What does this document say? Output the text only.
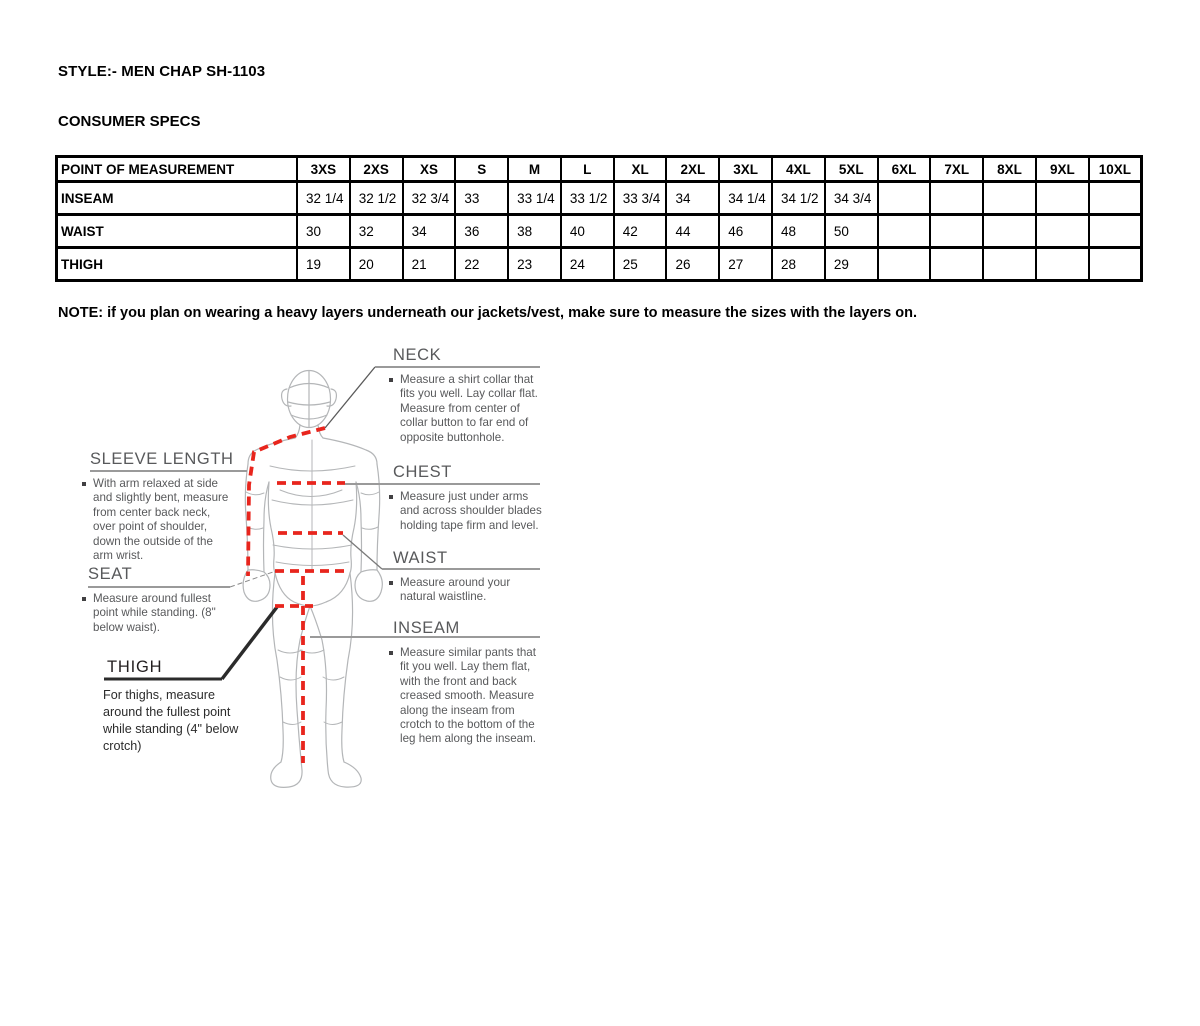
STYLE:- MEN CHAP SH-1103
CONSUMER SPECS
POINT OF MEASUREMENT	3XS	2XS	XS	S	M	L	XL	2XL	3XL	4XL	5XL	6XL	7XL	8XL	9XL	10XL
INSEAM	32 1/4	32 1/2	32 3/4	33	33 1/4	33 1/2	33 3/4	34	34 1/4	34 1/2	34 3/4					
WAIST	30	32	34	36	38	40	42	44	46	48	50					
THIGH	19	20	21	22	23	24	25	26	27	28	29					
NOTE: if you plan on wearing a heavy layers underneath our jackets/vest, make sure to measure the sizes with the layers on.
NECK

Measure a shirt collar that fits you well. Lay collar flat. Measure from center of collar button to far end of opposite buttonhole.

CHEST

Measure just under arms and across shoulder blades holding tape firm and level.

WAIST

Measure around your natural waistline.

INSEAM

Measure similar pants that fit you well. Lay them flat, with the front and back creased smooth. Measure along the inseam from crotch to the bottom of the leg hem along the inseam.

SLEEVE LENGTH

With arm relaxed at side and slightly bent, measure from center back neck, over point of shoulder, down the outside of the arm wrist.

SEAT

Measure around fullest point while standing. (8" below waist).

THIGH

For thighs, measure around the fullest point while standing (4" below crotch)
